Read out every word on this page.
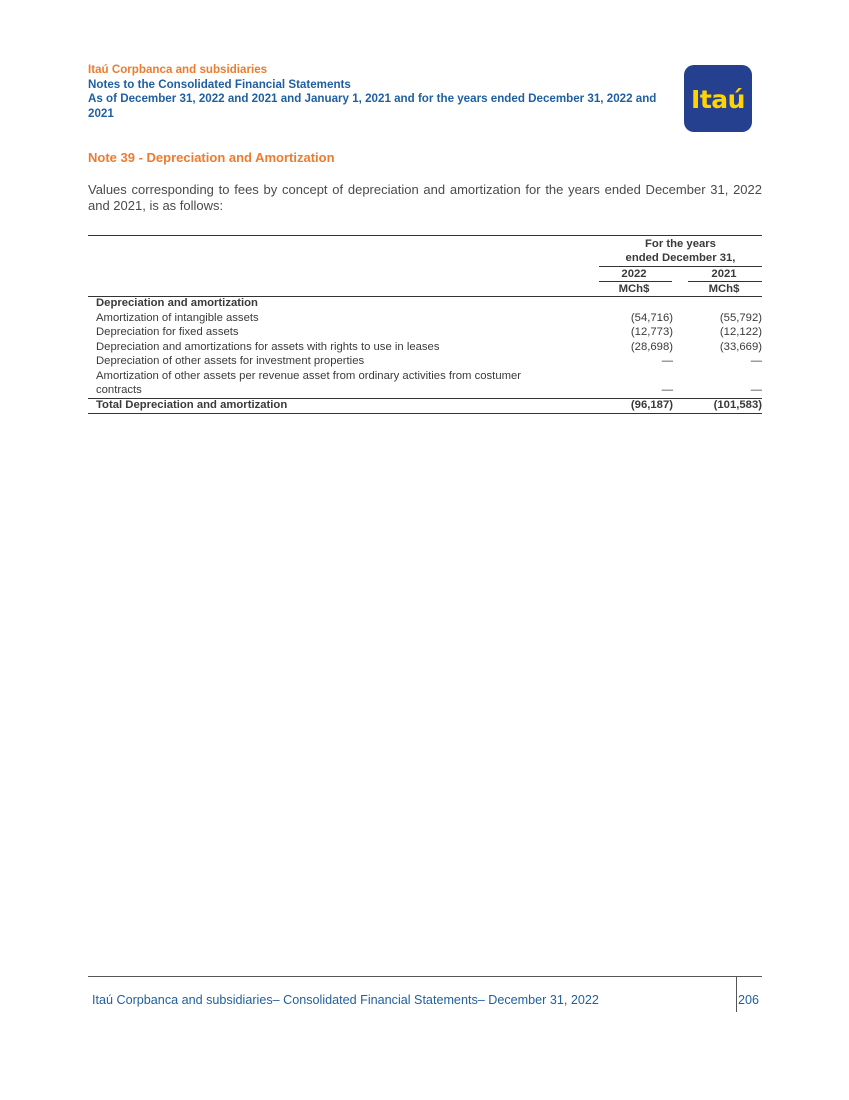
Itaú Corpbanca and subsidiaries
Notes to the Consolidated Financial Statements
As of December 31, 2022 and 2021 and January 1, 2021 and for the years ended December 31, 2022 and 2021	Itaú
Note 39 - Depreciation and Amortization
Values corresponding to fees by concept of depreciation and amortization for the years ended December 31, 2022 and 2021, is as follows:
For the years
ended December 31,
2022	2021
MCh$	MCh$
Depreciation and amortization
Amortization of intangible assets	(54,716)	(55,792)
Depreciation for fixed assets	(12,773)	(12,122)
Depreciation and amortizations for assets with rights to use in leases	(28,698)	(33,669)
Depreciation of other assets for investment properties	—	—
Amortization of other assets per revenue asset from ordinary activities from costumer
contracts	—	—
Total Depreciation and amortization	(96,187)	(101,583)
Itaú Corpbanca and subsidiaries– Consolidated Financial Statements– December 31, 2022	206
